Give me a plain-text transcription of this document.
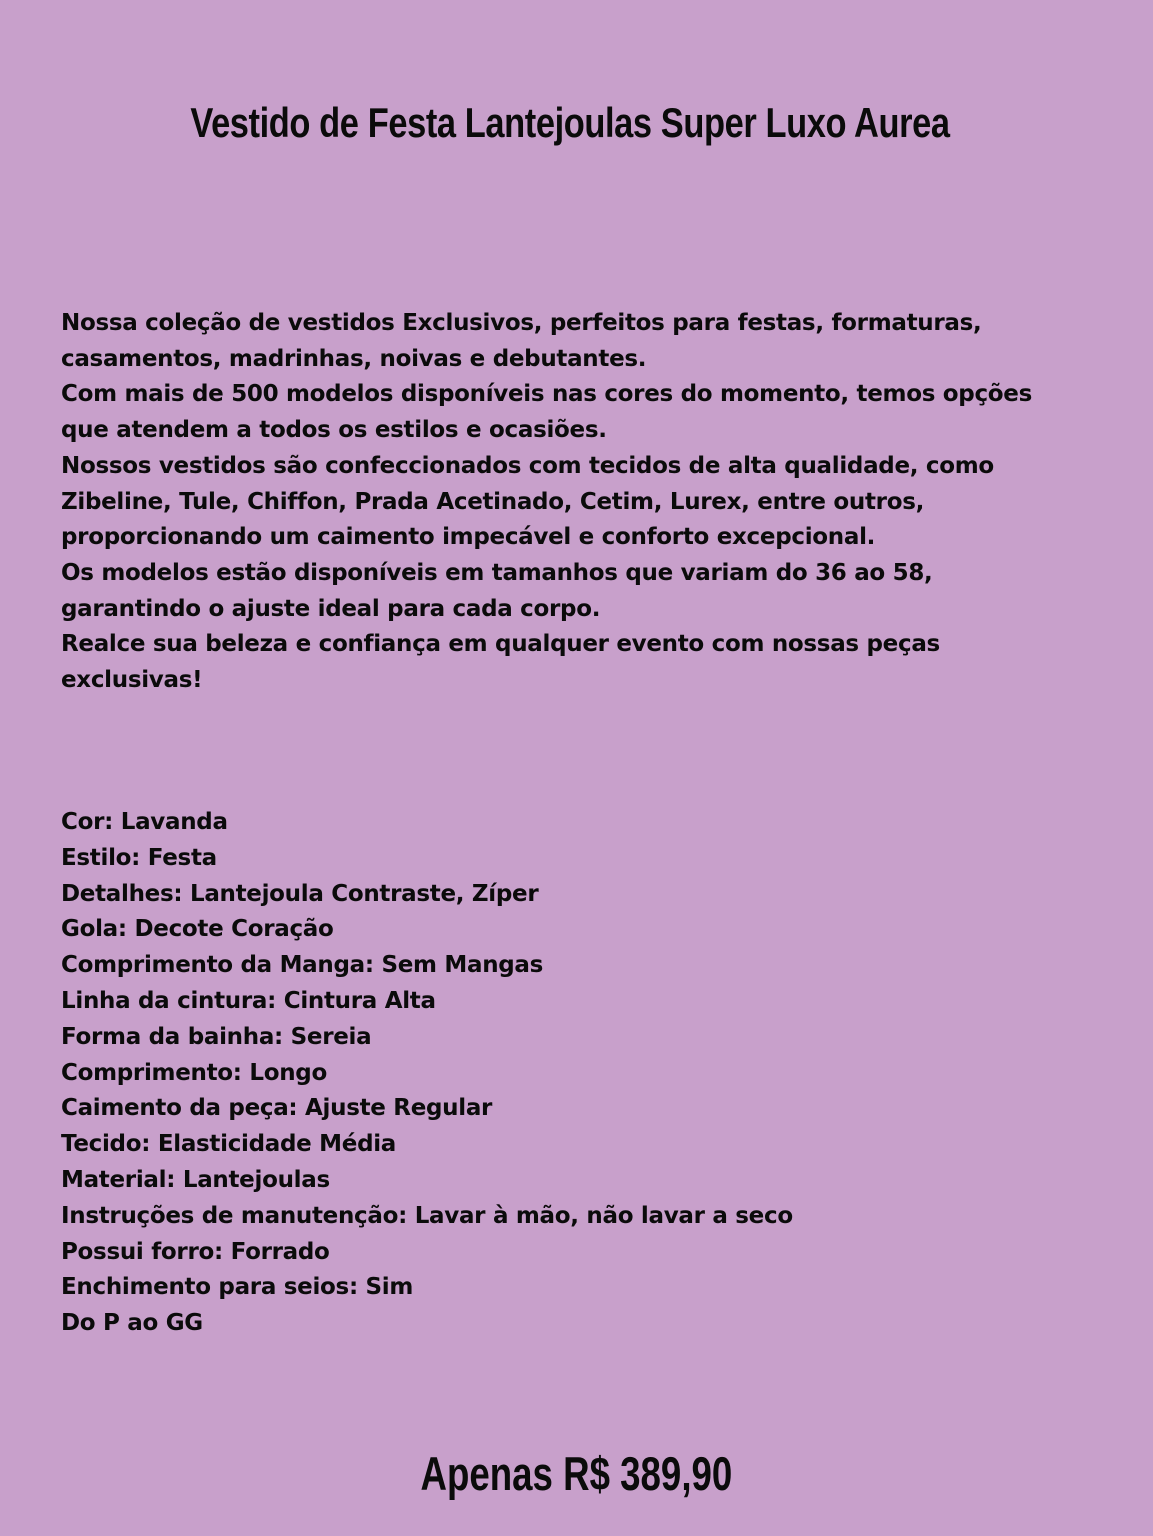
Vestido de Festa Lantejoulas Super Luxo Aurea

Nossa coleção de vestidos Exclusivos, perfeitos para festas, formaturas, casamentos, madrinhas, noivas e debutantes.

Com mais de 500 modelos disponíveis nas cores do momento, temos opções que atendem a todos os estilos e ocasiões.

Nossos vestidos são confeccionados com tecidos de alta qualidade, como Zibeline, Tule, Chiffon, Prada Acetinado, Cetim, Lurex, entre outros, proporcionando um caimento impecável e conforto excepcional.

Os modelos estão disponíveis em tamanhos que variam do 36 ao 58, garantindo o ajuste ideal para cada corpo.

Realce sua beleza e confiança em qualquer evento com nossas peças exclusivas!

Cor: Lavanda
Estilo: Festa
Detalhes: Lantejoula Contraste, Zíper
Gola: Decote Coração
Comprimento da Manga: Sem Mangas
Linha da cintura: Cintura Alta
Forma da bainha: Sereia
Comprimento: Longo
Caimento da peça: Ajuste Regular
Tecido: Elasticidade Média
Material: Lantejoulas
Instruções de manutenção: Lavar à mão, não lavar a seco
Possui forro: Forrado
Enchimento para seios: Sim
Do P ao GG
Apenas R$ 389,90
